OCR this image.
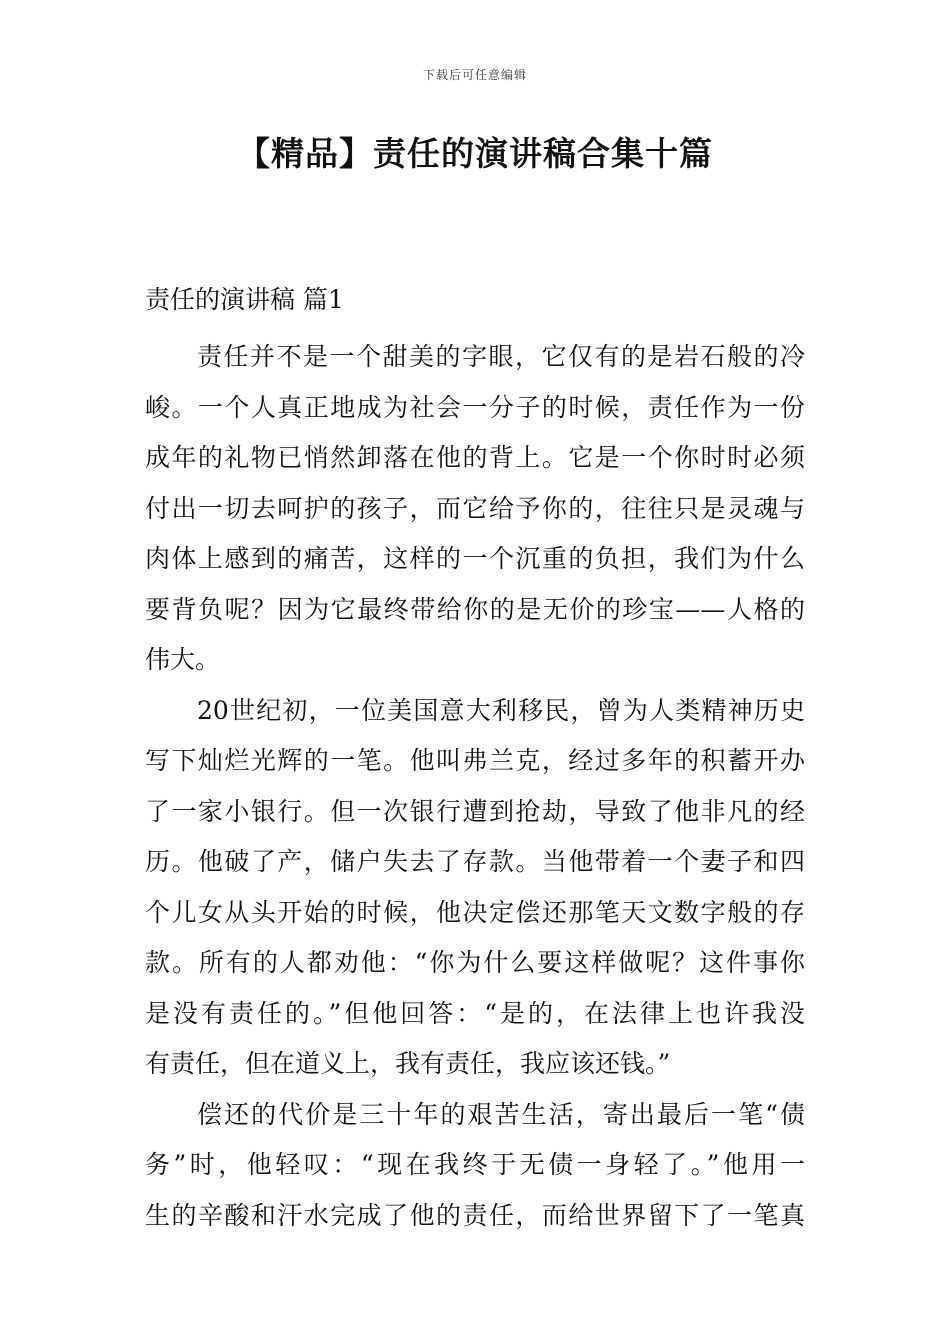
下载后可任意编辑
【精品】责任的演讲稿合集十篇
责任的演讲稿 篇1
责任并不是一个甜美的字眼，它仅有的是岩石般的冷
峻。一个人真正地成为社会一分子的时候，责任作为一份
成年的礼物已悄然卸落在他的背上。它是一个你时时必须
付出一切去呵护的孩子，而它给予你的，往往只是灵魂与
肉体上感到的痛苦，这样的一个沉重的负担，我们为什么
要背负呢？因为它最终带给你的是无价的珍宝——人格的
伟大。
20世纪初，一位美国意大利移民，曾为人类精神历史
写下灿烂光辉的一笔。他叫弗兰克，经过多年的积蓄开办
了一家小银行。但一次银行遭到抢劫，导致了他非凡的经
历。他破了产，储户失去了存款。当他带着一个妻子和四
个儿女从头开始的时候，他决定偿还那笔天文数字般的存
款。所有的人都劝他：“你为什么要这样做呢？这件事你
是没有责任的。”但他回答：“是的，在法律上也许我没
有责任，但在道义上，我有责任，我应该还钱。”
偿还的代价是三十年的艰苦生活，寄出最后一笔“债
务”时，他轻叹：“现在我终于无债一身轻了。”他用一
生的辛酸和汗水完成了他的责任，而给世界留下了一笔真
